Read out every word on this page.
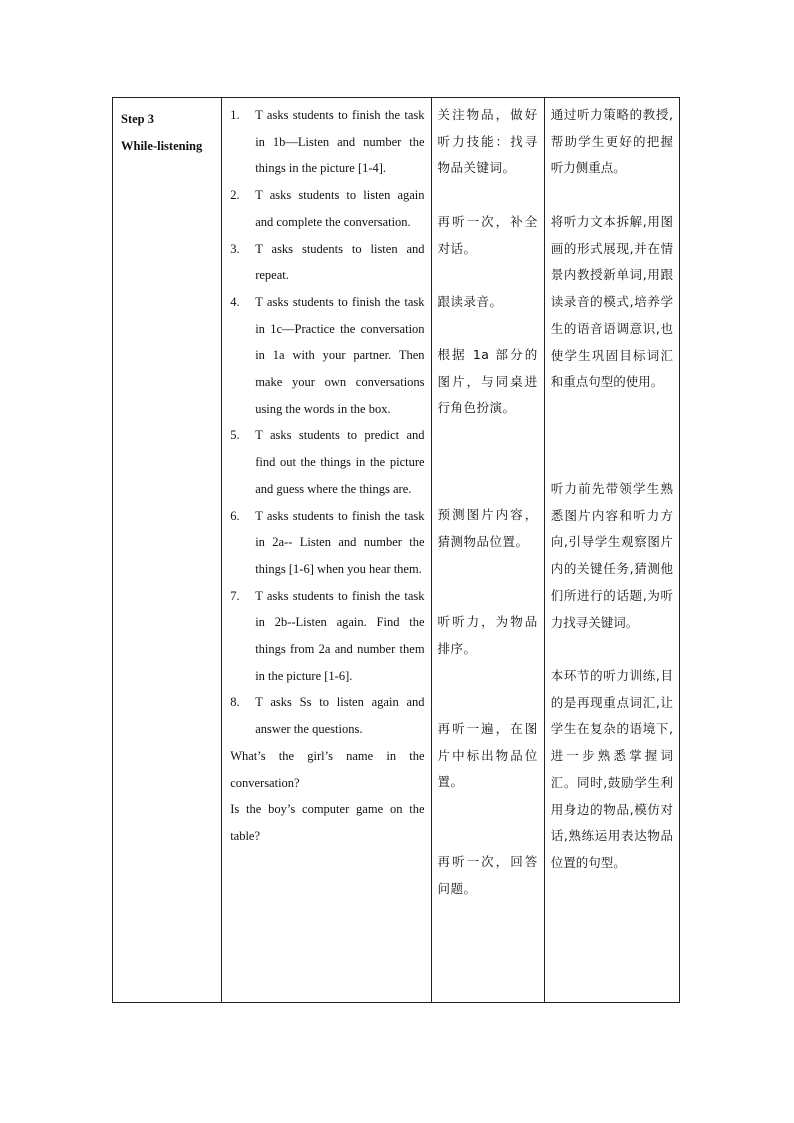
Step 3
While-listening

1.	T asks students to finish the task in 1b—Listen and number the things in the picture [1-4].
2.	T asks students to listen again and complete the conversation.
3.	T asks students to listen and repeat.
4.	T asks students to finish the task in 1c—Practice the conversation in 1a with your partner. Then make your own conversations using the words in the box.
5.	T asks students to predict and find out the things in the picture and guess where the things are.
6.	T asks students to finish the task in 2a-- Listen and number the things [1-6] when you hear them.
7.	T asks students to finish the task in 2b--Listen again. Find the things from 2a and number them in the picture [1-6].
8.	T asks Ss to listen again and answer the questions.
What’s the girl’s name in the conversation?
Is the boy’s computer game on the table?

关注物品，做好听力技能：找寻物品关键词。
再听一次，补全对话。
跟读录音。
根据 1a 部分的图片，与同桌进行角色扮演。
预测图片内容，猜测物品位置。
听听力，为物品排序。
再听一遍，在图片中标出物品位置。
再听一次，回答问题。

通过听力策略的教授,帮助学生更好的把握听力侧重点。
将听力文本拆解,用图画的形式展现,并在情景内教授新单词,用跟读录音的模式,培养学生的语音语调意识,也使学生巩固目标词汇和重点句型的使用。
听力前先带领学生熟悉图片内容和听力方向,引导学生观察图片内的关键任务,猜测他们所进行的话题,为听力找寻关键词。
本环节的听力训练,目的是再现重点词汇,让学生在复杂的语境下,进一步熟悉掌握词汇。同时,鼓励学生利用身边的物品,模仿对话,熟练运用表达物品位置的句型。
